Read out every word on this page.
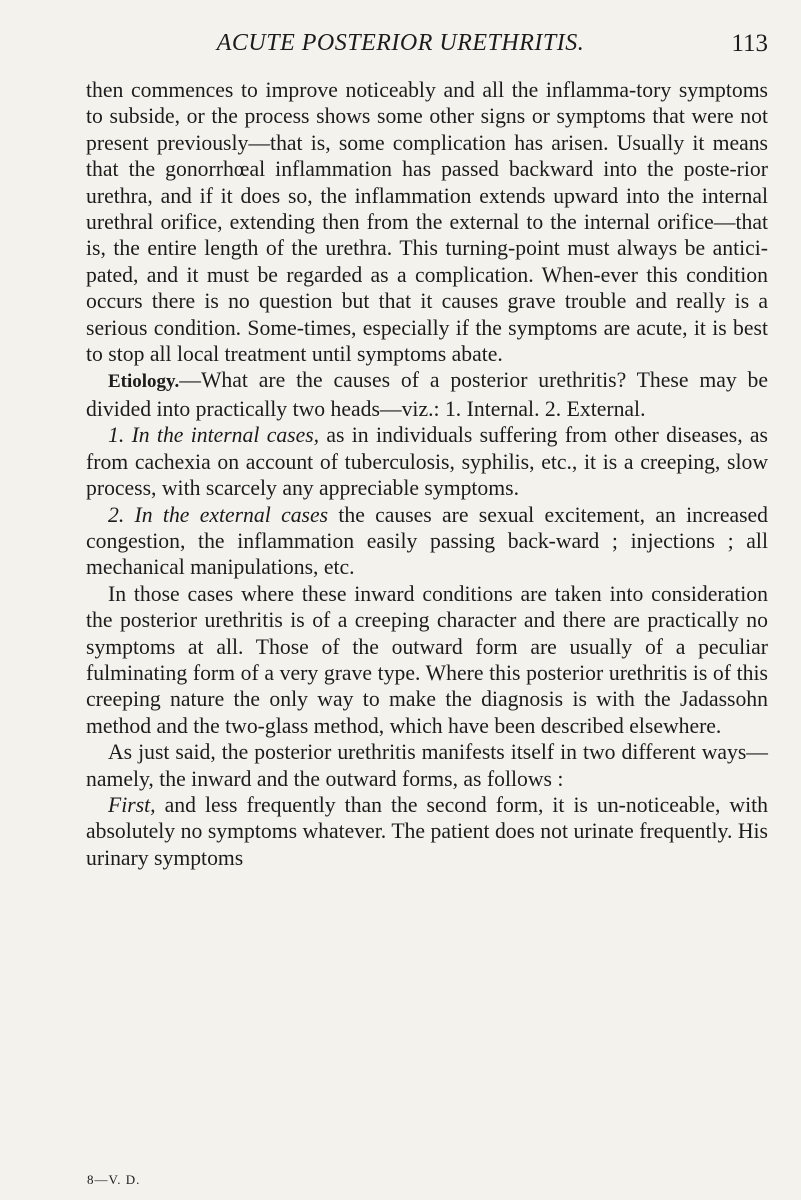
ACUTE POSTERIOR URETHRITIS.	113

then commences to improve noticeably and all the inflamma-tory symptoms to subside, or the process shows some other signs or symptoms that were not present previously—that is, some complication has arisen. Usually it means that the gonorrhœal inflammation has passed backward into the poste-rior urethra, and if it does so, the inflammation extends upward into the internal urethral orifice, extending then from the external to the internal orifice—that is, the entire length of the urethra. This turning-point must always be antici-pated, and it must be regarded as a complication. When-ever this condition occurs there is no question but that it causes grave trouble and really is a serious condition. Some-times, especially if the symptoms are acute, it is best to stop all local treatment until symptoms abate.

Etiology.—What are the causes of a posterior urethritis? These may be divided into practically two heads—viz.: 1. Internal. 2. External.

1. In the internal cases, as in individuals suffering from other diseases, as from cachexia on account of tuberculosis, syphilis, etc., it is a creeping, slow process, with scarcely any appreciable symptoms.

2. In the external cases the causes are sexual excitement, an increased congestion, the inflammation easily passing back-ward ; injections ; all mechanical manipulations, etc.

In those cases where these inward conditions are taken into consideration the posterior urethritis is of a creeping character and there are practically no symptoms at all. Those of the outward form are usually of a peculiar fulminating form of a very grave type. Where this posterior urethritis is of this creeping nature the only way to make the diagnosis is with the Jadassohn method and the two-glass method, which have been described elsewhere.

As just said, the posterior urethritis manifests itself in two different ways—namely, the inward and the outward forms, as follows :

First, and less frequently than the second form, it is un-noticeable, with absolutely no symptoms whatever. The patient does not urinate frequently. His urinary symptoms

8—V. D.
